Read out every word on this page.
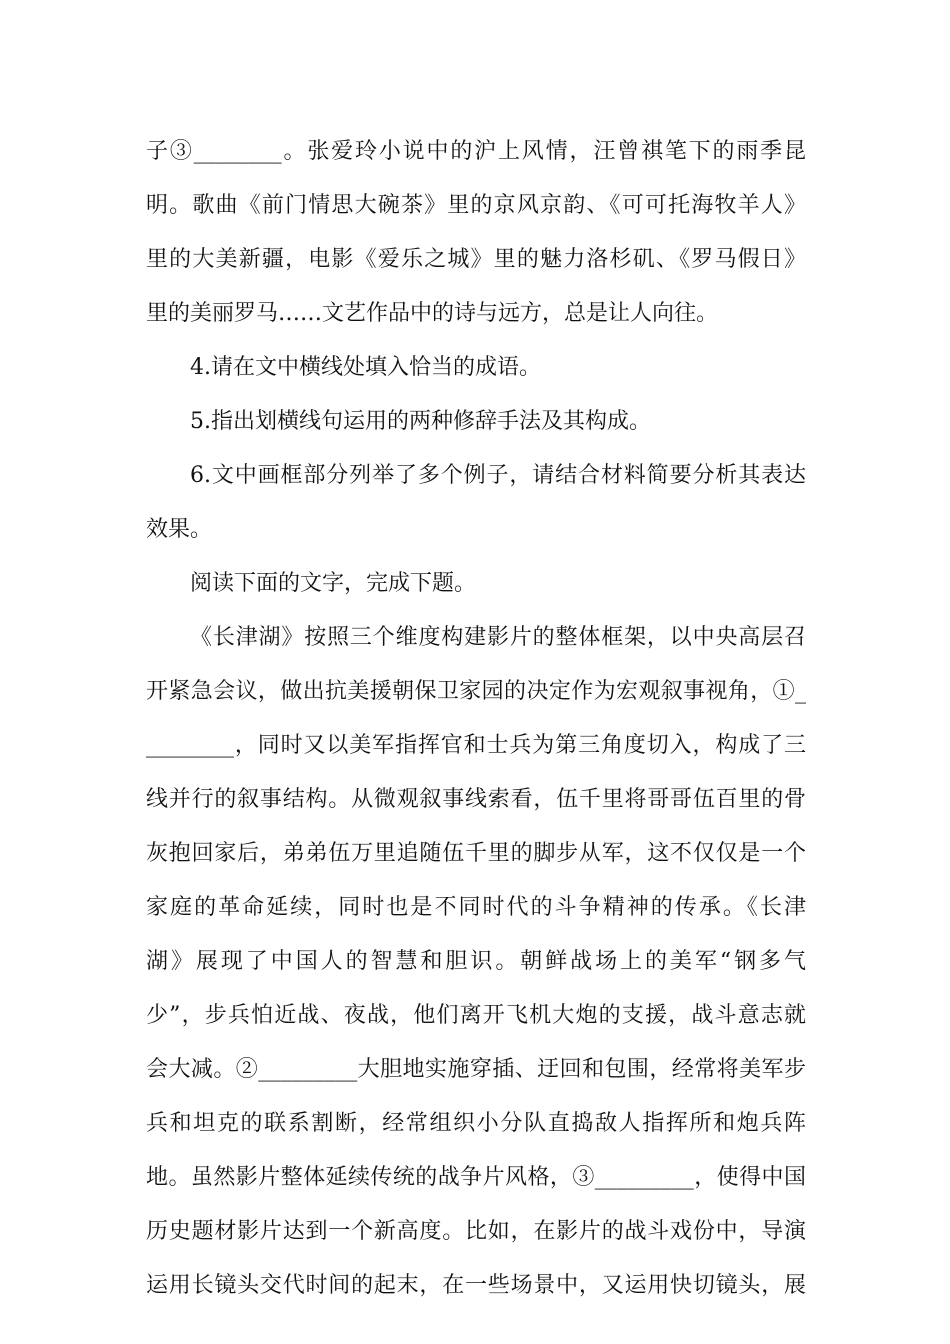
子③________。张爱玲小说中的沪上风情，汪曾祺笔下的雨季昆

明。歌曲《前门情思大碗茶》里的京风京韵、《可可托海牧羊人》

里的大美新疆，电影《爱乐之城》里的魅力洛杉矶、《罗马假日》

里的美丽罗马……文艺作品中的诗与远方，总是让人向往。

4.请在文中横线处填入恰当的成语。

5.指出划横线句运用的两种修辞手法及其构成。

6.文中画框部分列举了多个例子，请结合材料简要分析其表达

效果。

阅读下面的文字，完成下题。

《长津湖》按照三个维度构建影片的整体框架，以中央高层召

开紧急会议，做出抗美援朝保卫家园的决定作为宏观叙事视角，①_

________，同时又以美军指挥官和士兵为第三角度切入，构成了三

线并行的叙事结构。从微观叙事线索看，伍千里将哥哥伍百里的骨

灰抱回家后，弟弟伍万里追随伍千里的脚步从军，这不仅仅是一个

家庭的革命延续，同时也是不同时代的斗争精神的传承。《长津

湖》展现了中国人的智慧和胆识。朝鲜战场上的美军“钢多气

少”，步兵怕近战、夜战，他们离开飞机大炮的支援，战斗意志就

会大减。②_________大胆地实施穿插、迂回和包围，经常将美军步

兵和坦克的联系割断，经常组织小分队直捣敌人指挥所和炮兵阵

地。虽然影片整体延续传统的战争片风格，③_________，使得中国

历史题材影片达到一个新高度。比如，在影片的战斗戏份中，导演

运用长镜头交代时间的起末，在一些场景中，又运用快切镜头，展
